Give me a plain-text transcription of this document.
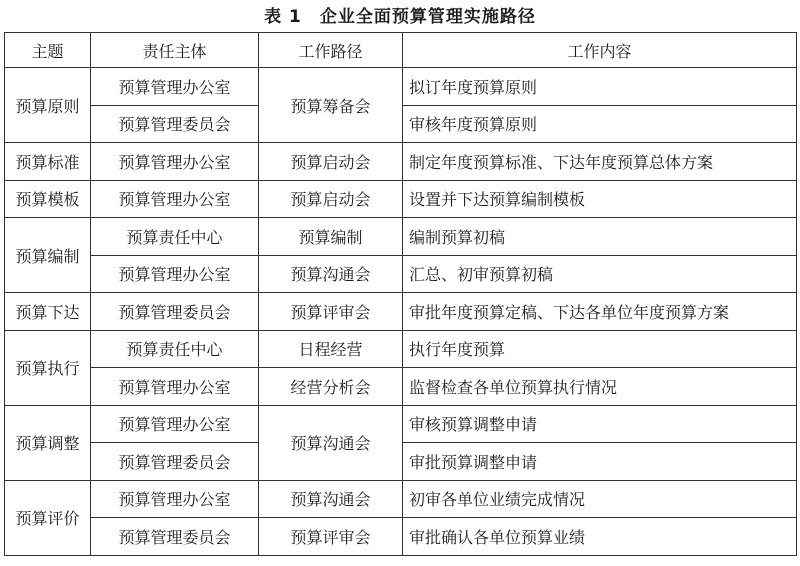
表 1　企业全面预算管理实施路径
主题	责任主体	工作路径	工作内容
预算原则	预算管理办公室	预算筹备会	拟订年度预算原则
	预算管理委员会		审核年度预算原则
预算标准	预算管理办公室	预算启动会	制定年度预算标准、下达年度预算总体方案
预算模板	预算管理办公室	预算启动会	设置并下达预算编制模板
预算编制	预算责任中心	预算编制	编制预算初稿
	预算管理办公室	预算沟通会	汇总、初审预算初稿
预算下达	预算管理委员会	预算评审会	审批年度预算定稿、下达各单位年度预算方案
预算执行	预算责任中心	日程经营	执行年度预算
	预算管理办公室	经营分析会	监督检查各单位预算执行情况
预算调整	预算管理办公室	预算沟通会	审核预算调整申请
	预算管理委员会		审批预算调整申请
预算评价	预算管理办公室	预算沟通会	初审各单位业绩完成情况
	预算管理委员会	预算评审会	审批确认各单位预算业绩
